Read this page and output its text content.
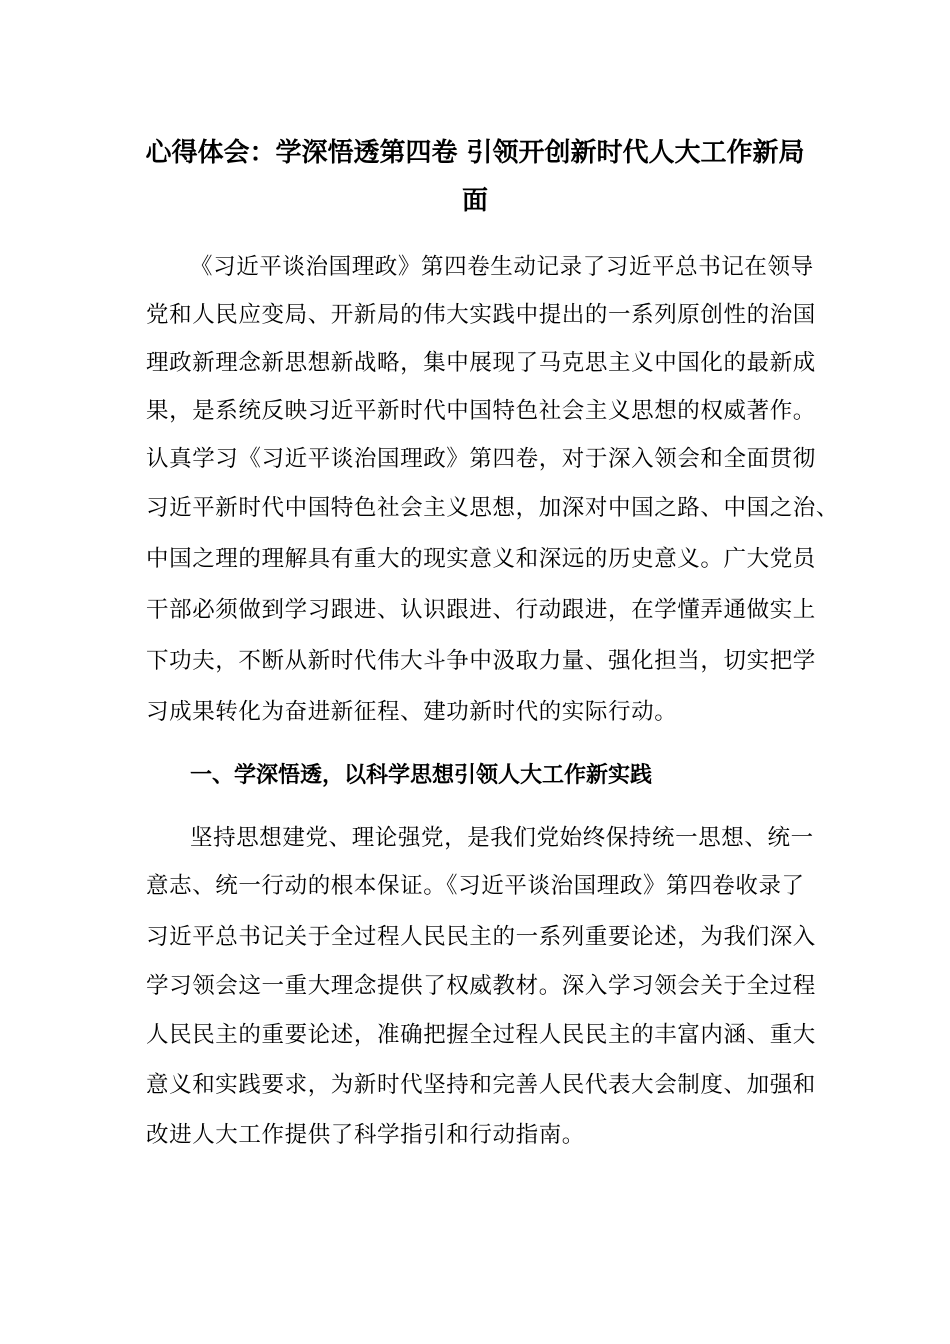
心得体会：学深悟透第四卷 引领开创新时代人大工作新局
面
《习近平谈治国理政》第四卷生动记录了习近平总书记在领导
党和人民应变局、开新局的伟大实践中提出的一系列原创性的治国
理政新理念新思想新战略，集中展现了马克思主义中国化的最新成
果，是系统反映习近平新时代中国特色社会主义思想的权威著作。
认真学习《习近平谈治国理政》第四卷，对于深入领会和全面贯彻
习近平新时代中国特色社会主义思想，加深对中国之路、中国之治、
中国之理的理解具有重大的现实意义和深远的历史意义。广大党员
干部必须做到学习跟进、认识跟进、行动跟进，在学懂弄通做实上
下功夫，不断从新时代伟大斗争中汲取力量、强化担当，切实把学
习成果转化为奋进新征程、建功新时代的实际行动。
一、学深悟透，以科学思想引领人大工作新实践
坚持思想建党、理论强党，是我们党始终保持统一思想、统一
意志、统一行动的根本保证。《习近平谈治国理政》第四卷收录了
习近平总书记关于全过程人民民主的一系列重要论述，为我们深入
学习领会这一重大理念提供了权威教材。深入学习领会关于全过程
人民民主的重要论述，准确把握全过程人民民主的丰富内涵、重大
意义和实践要求，为新时代坚持和完善人民代表大会制度、加强和
改进人大工作提供了科学指引和行动指南。
